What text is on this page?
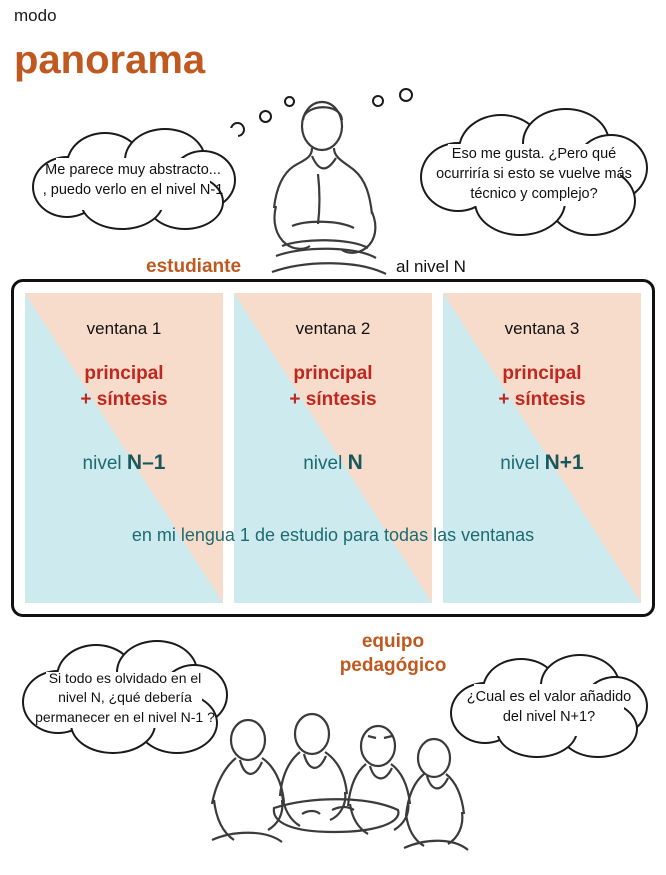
modo
panorama
Me parece muy abstracto... , puedo verlo en el nivel N-1
Eso me gusta. ¿Pero qué ocurriría si esto se vuelve más técnico y complejo?
estudiante	al nivel N
ventana 1
principal
+ síntesis
nivel N–1
ventana 2
principal
+ síntesis
nivel N
ventana 3
principal
+ síntesis
nivel N+1
en mi lengua 1 de estudio para todas las ventanas
equipo
pedagógico
Si todo es olvidado en el nivel N, ¿qué debería permanecer en el nivel N-1 ?
¿Cual es el valor añadido del nivel N+1?
